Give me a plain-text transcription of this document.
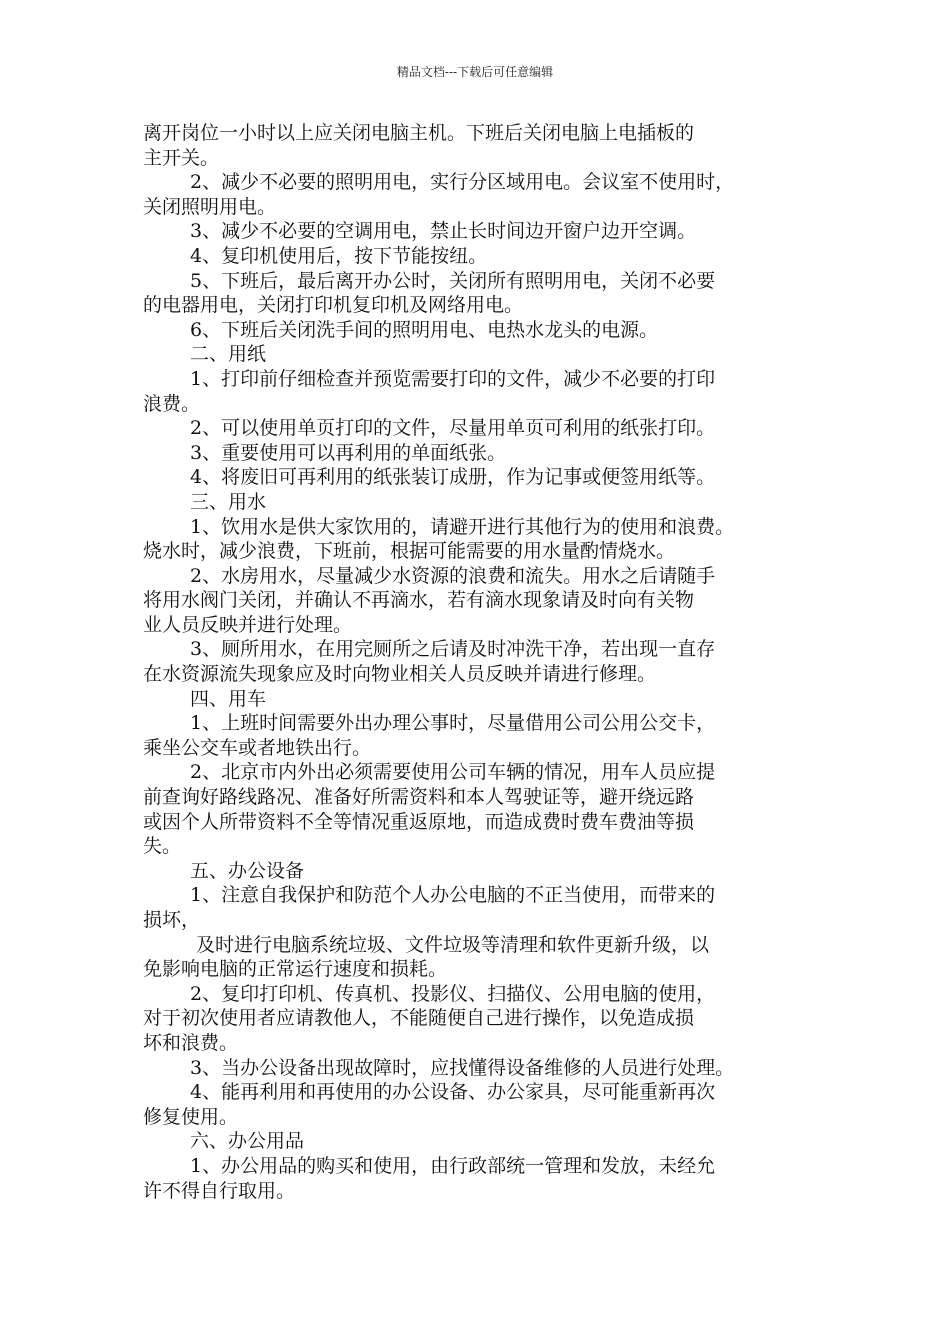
精品文档---下载后可任意编辑
离开岗位一小时以上应关闭电脑主机。下班后关闭电脑上电插板的
主开关。
2、减少不必要的照明用电，实行分区域用电。会议室不使用时，
关闭照明用电。
3、减少不必要的空调用电，禁止长时间边开窗户边开空调。
4、复印机使用后，按下节能按纽。
5、下班后，最后离开办公时，关闭所有照明用电，关闭不必要
的电器用电，关闭打印机复印机及网络用电。
6、下班后关闭洗手间的照明用电、电热水龙头的电源。
二、用纸
1、打印前仔细检查并预览需要打印的文件，减少不必要的打印
浪费。
2、可以使用单页打印的文件，尽量用单页可利用的纸张打印。
3、重要使用可以再利用的单面纸张。
4、将废旧可再利用的纸张装订成册，作为记事或便签用纸等。
三、用水
1、饮用水是供大家饮用的，请避开进行其他行为的使用和浪费。
烧水时，减少浪费，下班前，根据可能需要的用水量酌情烧水。
2、水房用水，尽量减少水资源的浪费和流失。用水之后请随手
将用水阀门关闭，并确认不再滴水，若有滴水现象请及时向有关物
业人员反映并进行处理。
3、厕所用水，在用完厕所之后请及时冲洗干净，若出现一直存
在水资源流失现象应及时向物业相关人员反映并请进行修理。
四、用车
1、上班时间需要外出办理公事时，尽量借用公司公用公交卡，
乘坐公交车或者地铁出行。
2、北京市内外出必须需要使用公司车辆的情况，用车人员应提
前查询好路线路况、准备好所需资料和本人驾驶证等，避开绕远路
或因个人所带资料不全等情况重返原地，而造成费时费车费油等损
失。
五、办公设备
1、注意自我保护和防范个人办公电脑的不正当使用，而带来的
损坏，
及时进行电脑系统垃圾、文件垃圾等清理和软件更新升级，以
免影响电脑的正常运行速度和损耗。
2、复印打印机、传真机、投影仪、扫描仪、公用电脑的使用，
对于初次使用者应请教他人，不能随便自己进行操作，以免造成损
坏和浪费。
3、当办公设备出现故障时，应找懂得设备维修的人员进行处理。
4、能再利用和再使用的办公设备、办公家具，尽可能重新再次
修复使用。
六、办公用品
1、办公用品的购买和使用，由行政部统一管理和发放，未经允
许不得自行取用。
